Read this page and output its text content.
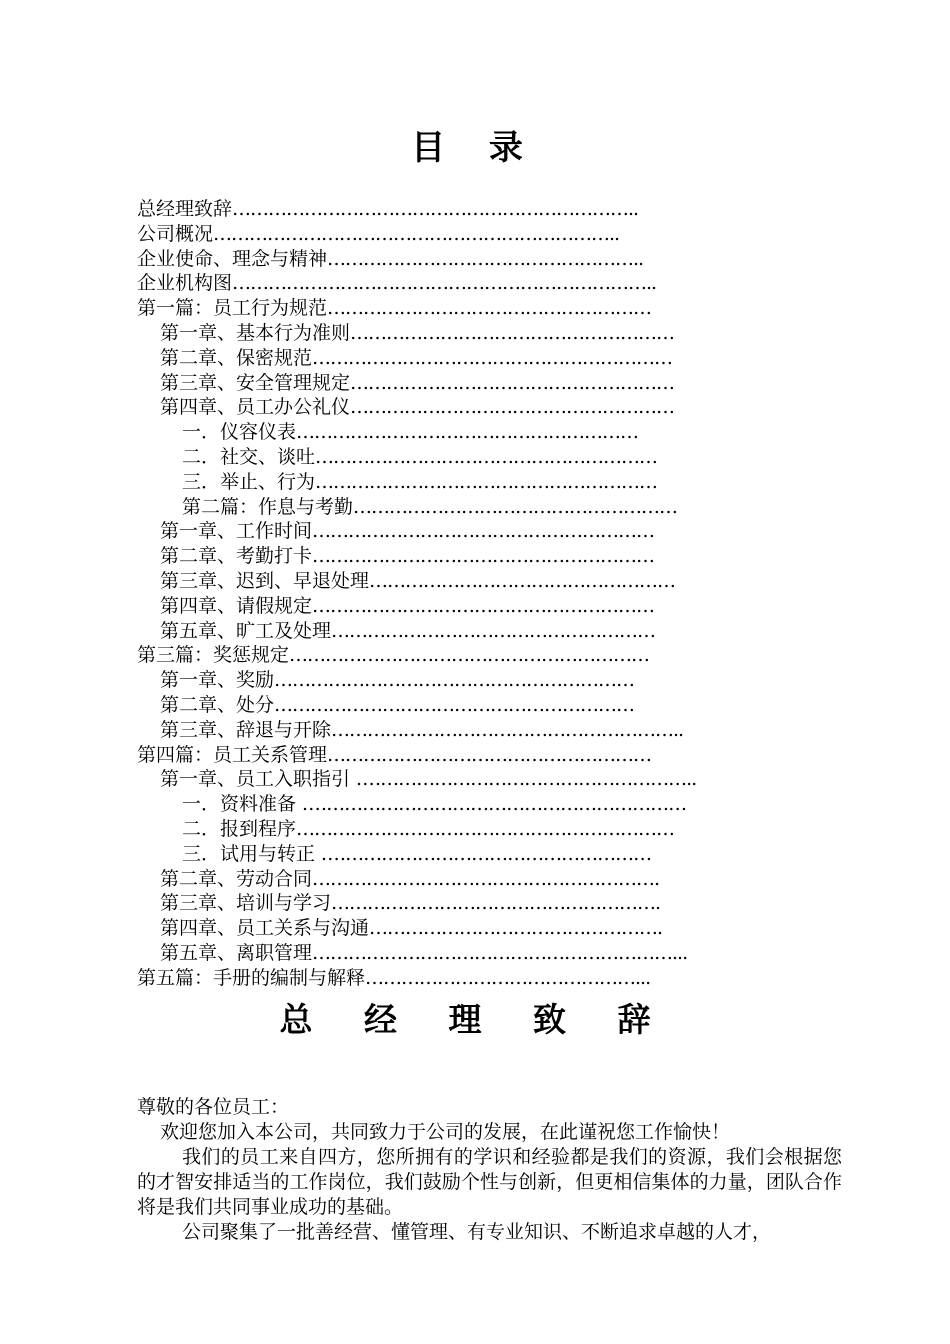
目 录
总经理致辞…………………………………………………………..
公司概况…………………………………………………………..
企业使命、理念与精神……………………………………………..
企业机构图……………………………………………………………..
第一篇：员工行为规范………………………………………………
第一章、基本行为准则………………………………………………
第二章、保密规范……………………………………………………
第三章、安全管理规定………………………………………………
第四章、员工办公礼仪………………………………………………
一．仪容仪表…………………………………………………
二．社交、谈吐…………………………………………………
三．举止、行为…………………………………………………
第二篇：作息与考勤………………………………………………
第一章、工作时间…………………………………………………
第二章、考勤打卡…………………………………………………
第三章、迟到、早退处理……………………………………………
第四章、请假规定…………………………………………………
第五章、旷工及处理………………………………………………
第三篇：奖惩规定……………………………………………………
第一章、奖励……………………………………………………
第二章、处分……………………………………………………
第三章、辞退与开除…………………………………………………..
第四篇：员工关系管理………………………………………………
第一章、员工入职指引 .………………………………………………..
一．资料准备 .………………………………………………………
二．报到程序………………………………………………………
三．试用与转正 .………………………………………………
第二章、劳动合同………………………………………………….
第三章、培训与学习……………………………………………….
第四章、员工关系与沟通………………………………………….
第五章、离职管理……………………………………………………...
第五篇：手册的编制与解释………………………………………...
总 经 理 致 辞

尊敬的各位员工：

欢迎您加入本公司，共同致力于公司的发展，在此谨祝您工作愉快！

我们的员工来自四方，您所拥有的学识和经验都是我们的资源，我们会根据您的才智安排适当的工作岗位，我们鼓励个性与创新，但更相信集体的力量，团队合作将是我们共同事业成功的基础。

公司聚集了一批善经营、懂管理、有专业知识、不断追求卓越的人才，
